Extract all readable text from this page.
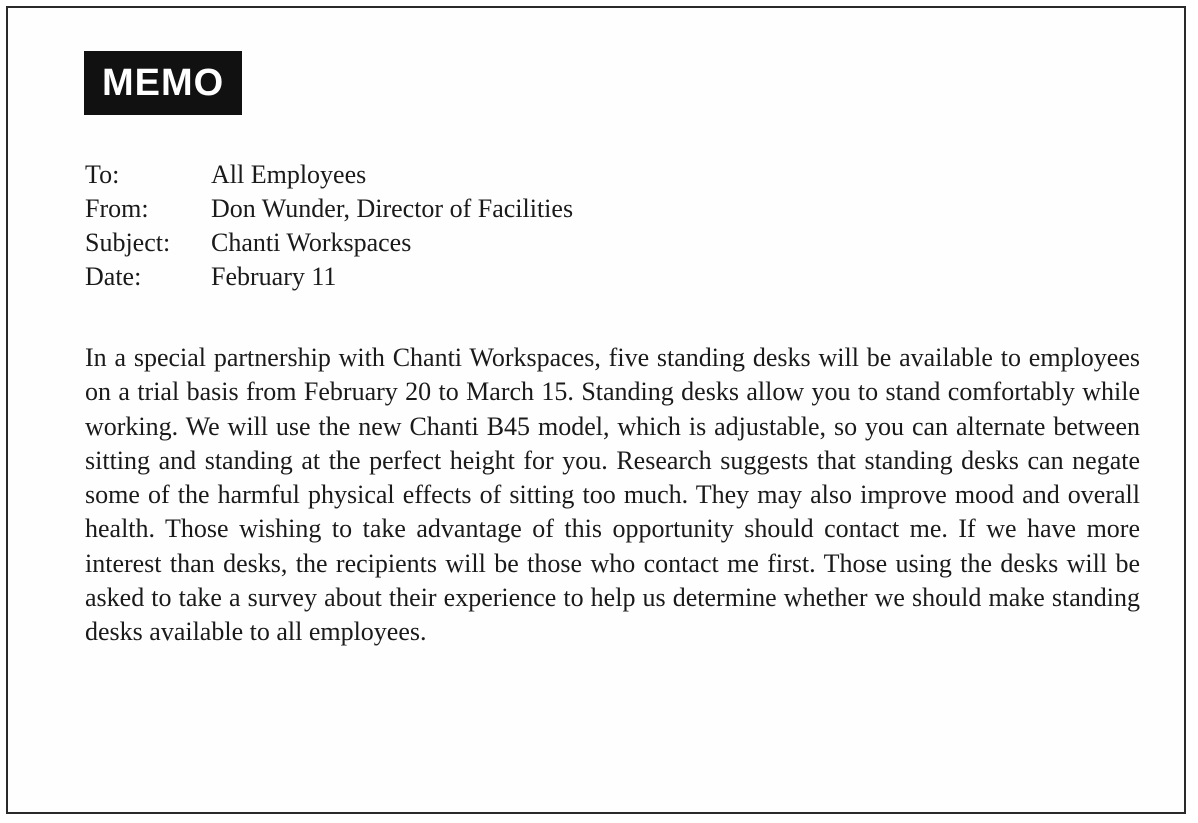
MEMO
To:	All Employees
From:	Don Wunder, Director of Facilities
Subject:	Chanti Workspaces
Date:	February 11

In a special partnership with Chanti Workspaces, five standing desks will be available to employees on a trial basis from February 20 to March 15. Standing desks allow you to stand comfortably while working. We will use the new Chanti B45 model, which is adjustable, so you can alternate between sitting and standing at the perfect height for you. Research suggests that standing desks can negate some of the harmful physical effects of sitting too much. They may also improve mood and overall health. Those wishing to take advantage of this opportunity should contact me. If we have more interest than desks, the recipients will be those who contact me first. Those using the desks will be asked to take a survey about their experience to help us determine whether we should make standing desks available to all employees.
